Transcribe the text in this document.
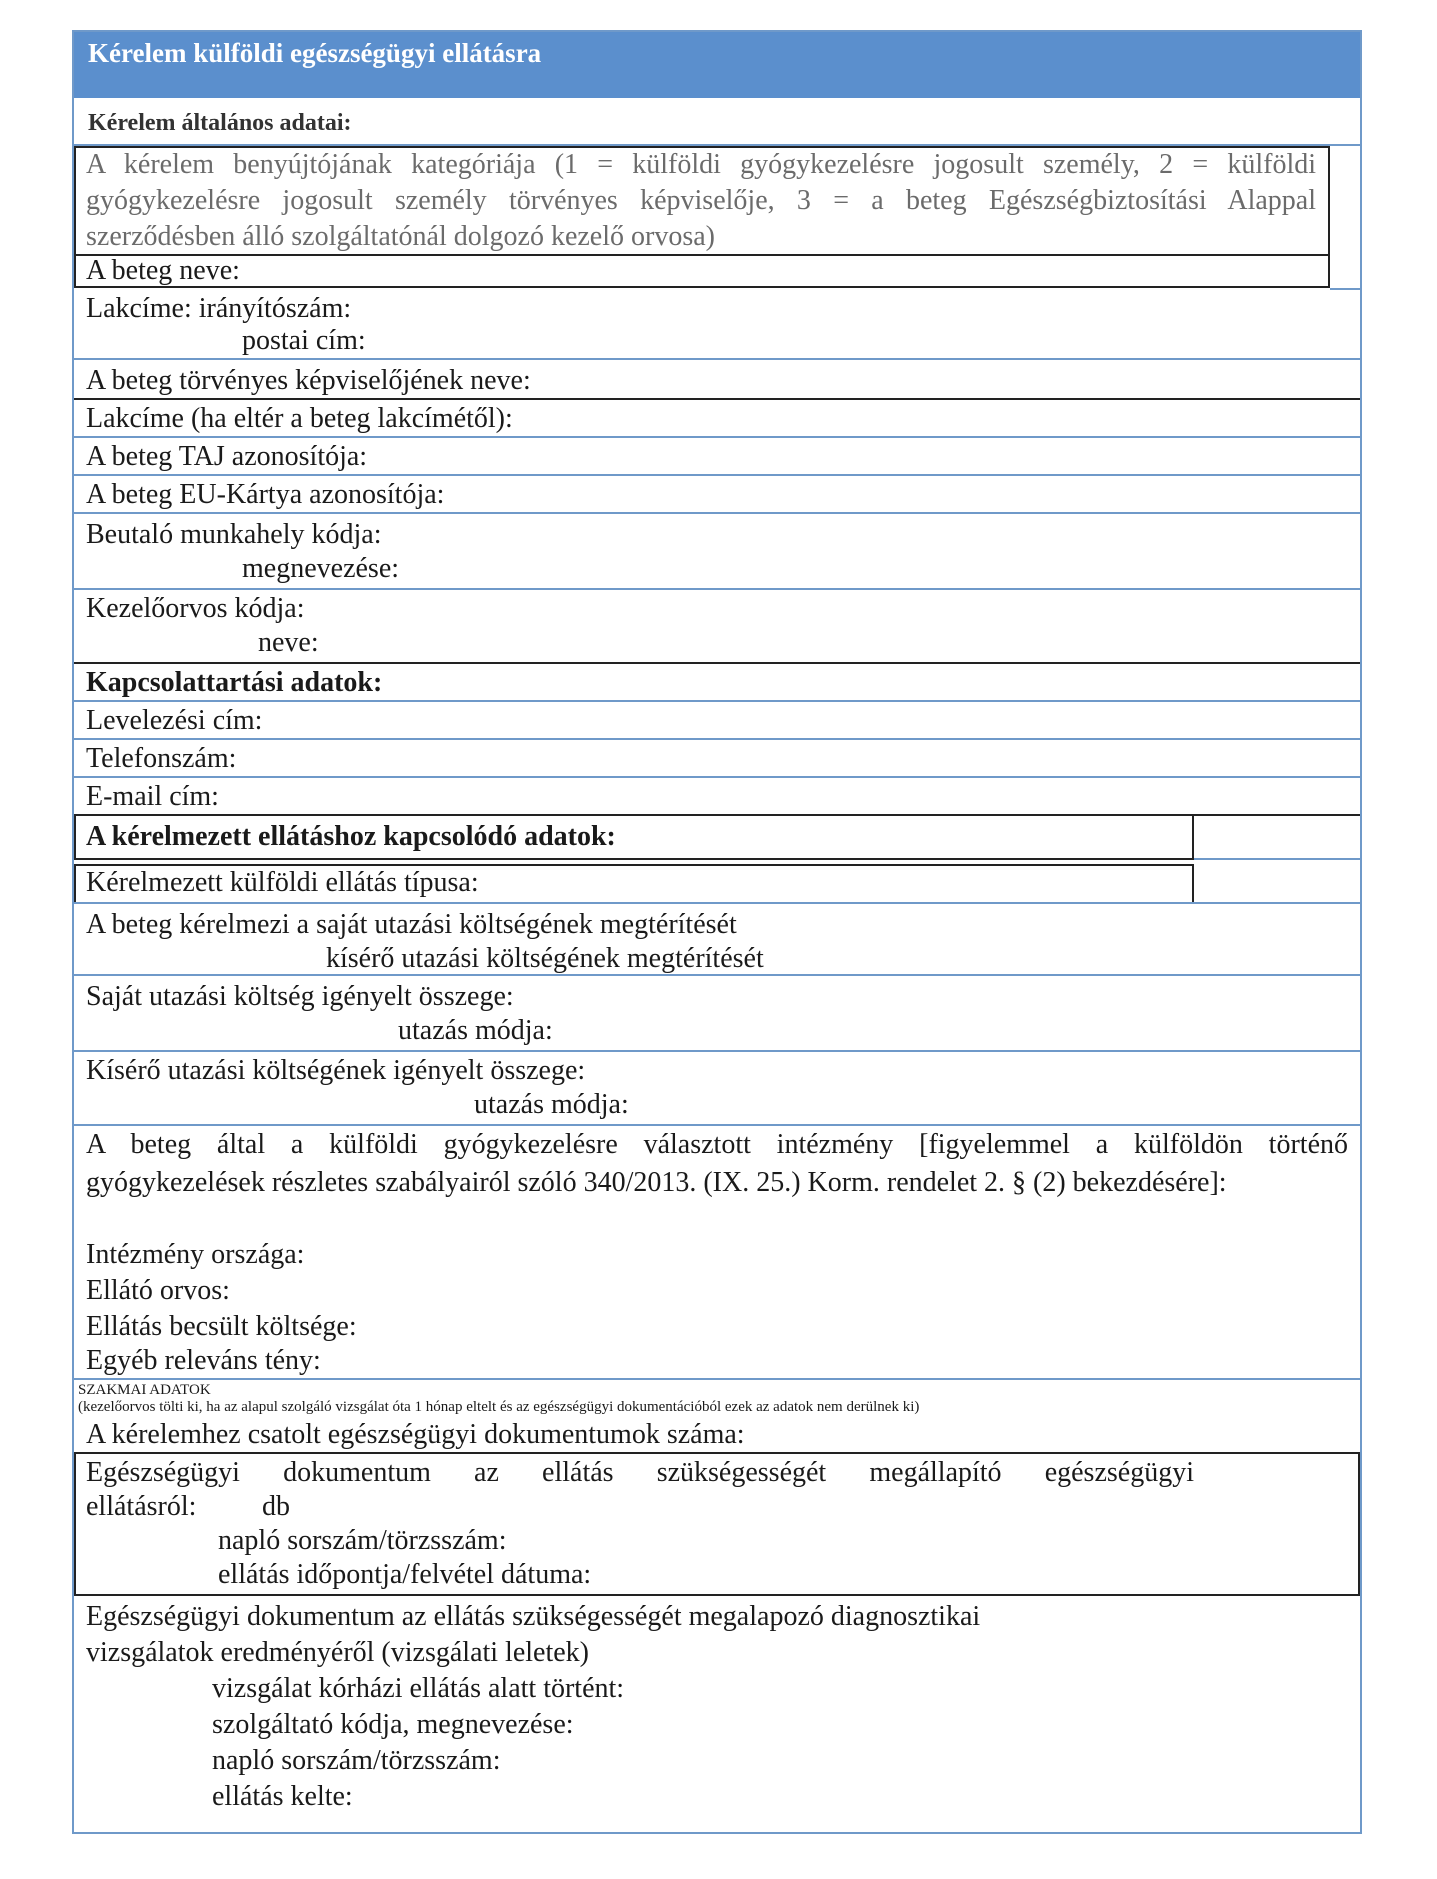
Kérelem külföldi egészségügyi ellátásra
Kérelem általános adatai:
A kérelem benyújtójának kategóriája (1 = külföldi gyógykezelésre jogosult személy, 2 = külföldi
gyógykezelésre jogosult személy törvényes képviselője, 3 = a beteg Egészségbiztosítási Alappal
szerződésben álló szolgáltatónál dolgozó kezelő orvosa)
A beteg neve:
Lakcíme: irányítószám:
postai cím:
A beteg törvényes képviselőjének neve:
Lakcíme (ha eltér a beteg lakcímétől):
A beteg TAJ azonosítója:
A beteg EU-Kártya azonosítója:
Beutaló munkahely kódja:
megnevezése:
Kezelőorvos kódja:
neve:
Kapcsolattartási adatok:
Levelezési cím:
Telefonszám:
E-mail cím:
A kérelmezett ellátáshoz kapcsolódó adatok:
Kérelmezett külföldi ellátás típusa:
A beteg kérelmezi a saját utazási költségének megtérítését
kísérő utazási költségének megtérítését
Saját utazási költség igényelt összege:
utazás módja:
Kísérő utazási költségének igényelt összege:
utazás módja:
A beteg által a külföldi gyógykezelésre választott intézmény [figyelemmel a külföldön történő
gyógykezelések részletes szabályairól szóló 340/2013. (IX. 25.) Korm. rendelet 2. § (2) bekezdésére]:
Intézmény országa:
Ellátó orvos:
Ellátás becsült költsége:
Egyéb releváns tény:
SZAKMAI ADATOK
(kezelőorvos tölti ki, ha az alapul szolgáló vizsgálat óta 1 hónap eltelt és az egészségügyi dokumentációból ezek az adatok nem derülnek ki)
A kérelemhez csatolt egészségügyi dokumentumok száma:
Egészségügyi dokumentum az ellátás szükségességét megállapító egészségügyi
ellátásról: db
napló sorszám/törzsszám:
ellátás időpontja/felvétel dátuma:
Egészségügyi dokumentum az ellátás szükségességét megalapozó diagnosztikai
vizsgálatok eredményéről (vizsgálati leletek)
vizsgálat kórházi ellátás alatt történt:
szolgáltató kódja, megnevezése:
napló sorszám/törzsszám:
ellátás kelte:
